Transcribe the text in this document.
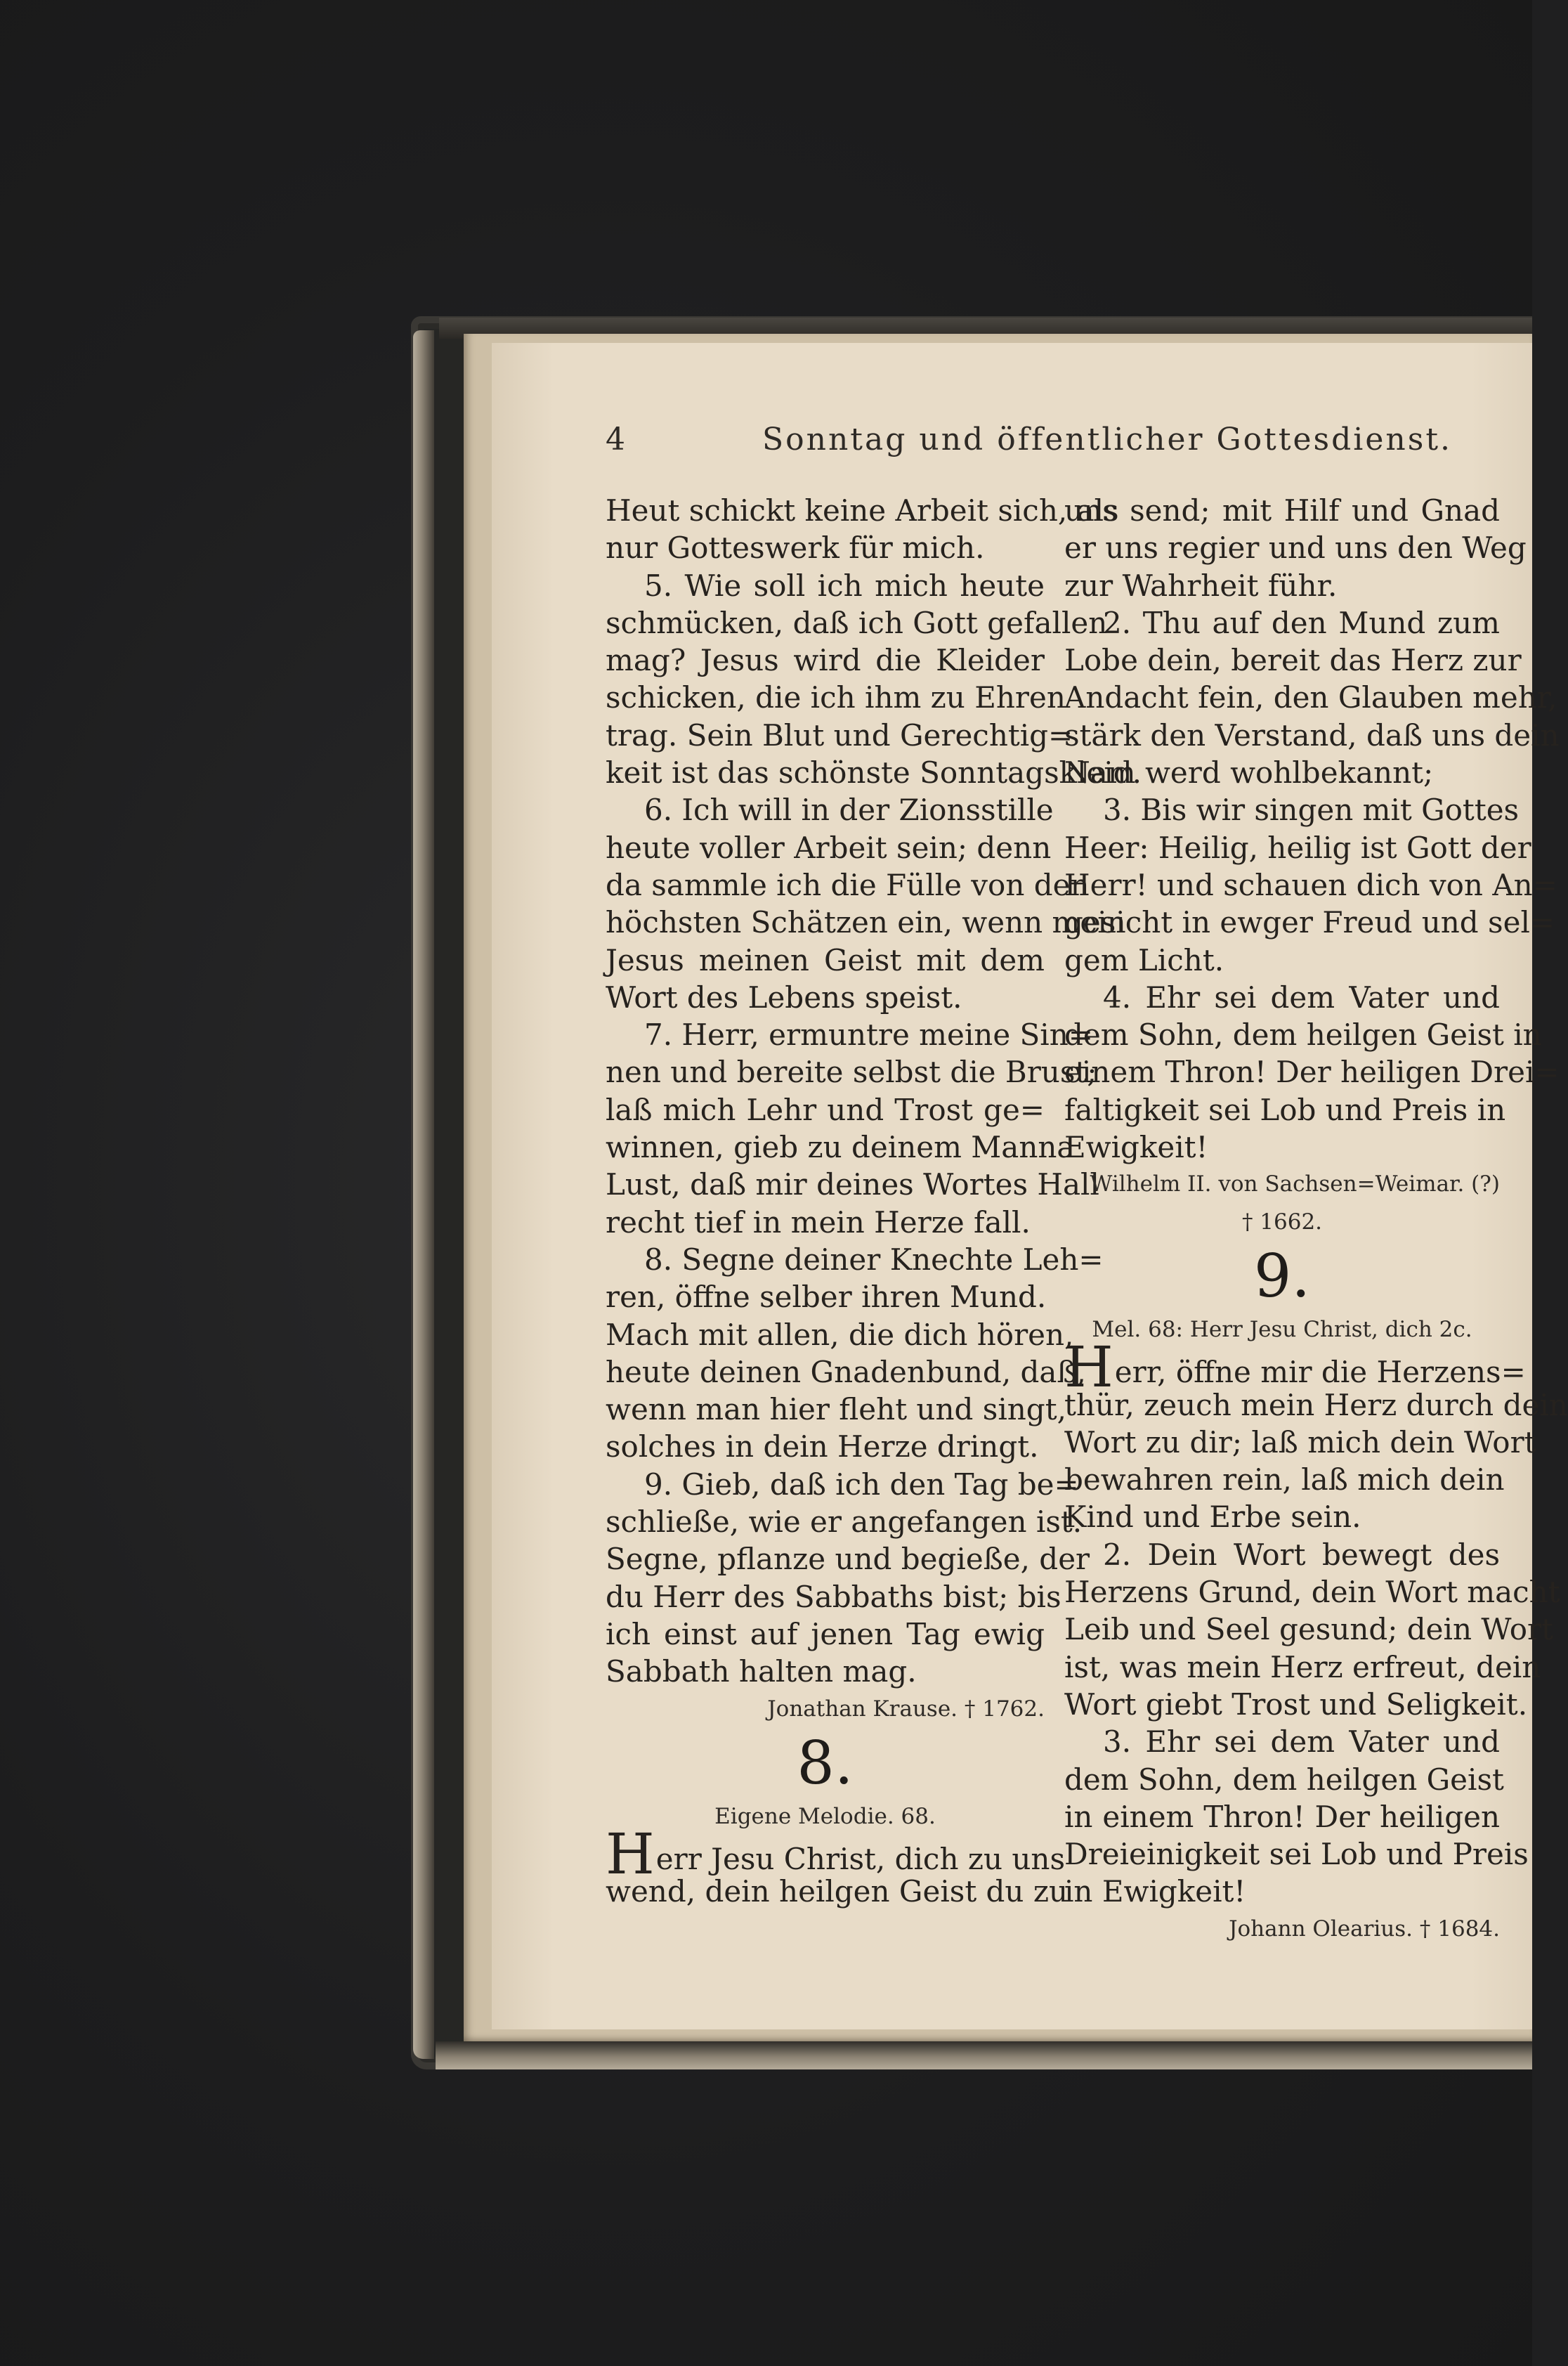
4	Sonntag und öffentlicher Gottesdienst.
Heut schickt keine Arbeit sich, als
nur Gotteswerk für mich.
5. Wie soll ich mich heute
schmücken, daß ich Gott gefallen
mag? Jesus wird die Kleider
schicken, die ich ihm zu Ehren
trag. Sein Blut und Gerechtig=
keit ist das schönste Sonntagskleid.
6. Ich will in der Zionsstille
heute voller Arbeit sein; denn
da sammle ich die Fülle von den
höchsten Schätzen ein, wenn mein
Jesus meinen Geist mit dem
Wort des Lebens speist.
7. Herr, ermuntre meine Sin=
nen und bereite selbst die Brust;
laß mich Lehr und Trost ge=
winnen, gieb zu deinem Manna
Lust, daß mir deines Wortes Hall
recht tief in mein Herze fall.
8. Segne deiner Knechte Leh=
ren, öffne selber ihren Mund.
Mach mit allen, die dich hören,
heute deinen Gnadenbund, daß,
wenn man hier fleht und singt,
solches in dein Herze dringt.
9. Gieb, daß ich den Tag be=
schließe, wie er angefangen ist.
Segne, pflanze und begieße, der
du Herr des Sabbaths bist; bis
ich einst auf jenen Tag ewig
Sabbath halten mag.
Jonathan Krause. † 1762.
8.
Eigene Melodie. 68.
Herr Jesu Christ, dich zu uns
wend, dein heilgen Geist du zu
uns send; mit Hilf und Gnad
er uns regier und uns den Weg
zur Wahrheit führ.
2. Thu auf den Mund zum
Lobe dein, bereit das Herz zur
Andacht fein, den Glauben mehr,
stärk den Verstand, daß uns dein
Nam werd wohlbekannt;
3. Bis wir singen mit Gottes
Heer: Heilig, heilig ist Gott der
Herr! und schauen dich von An=
gesicht in ewger Freud und sel=
gem Licht.
4. Ehr sei dem Vater und
dem Sohn, dem heilgen Geist in
einem Thron! Der heiligen Drei=
faltigkeit sei Lob und Preis in
Ewigkeit!
Wilhelm II. von Sachsen=Weimar. (?)
† 1662.
9.
Mel. 68: Herr Jesu Christ, dich 2c.
Herr, öffne mir die Herzens=
thür, zeuch mein Herz durch dein
Wort zu dir; laß mich dein Wort
bewahren rein, laß mich dein
Kind und Erbe sein.
2. Dein Wort bewegt des
Herzens Grund, dein Wort macht
Leib und Seel gesund; dein Wort
ist, was mein Herz erfreut, dein
Wort giebt Trost und Seligkeit.
3. Ehr sei dem Vater und
dem Sohn, dem heilgen Geist
in einem Thron! Der heiligen
Dreieinigkeit sei Lob und Preis
in Ewigkeit!
Johann Olearius. † 1684.
